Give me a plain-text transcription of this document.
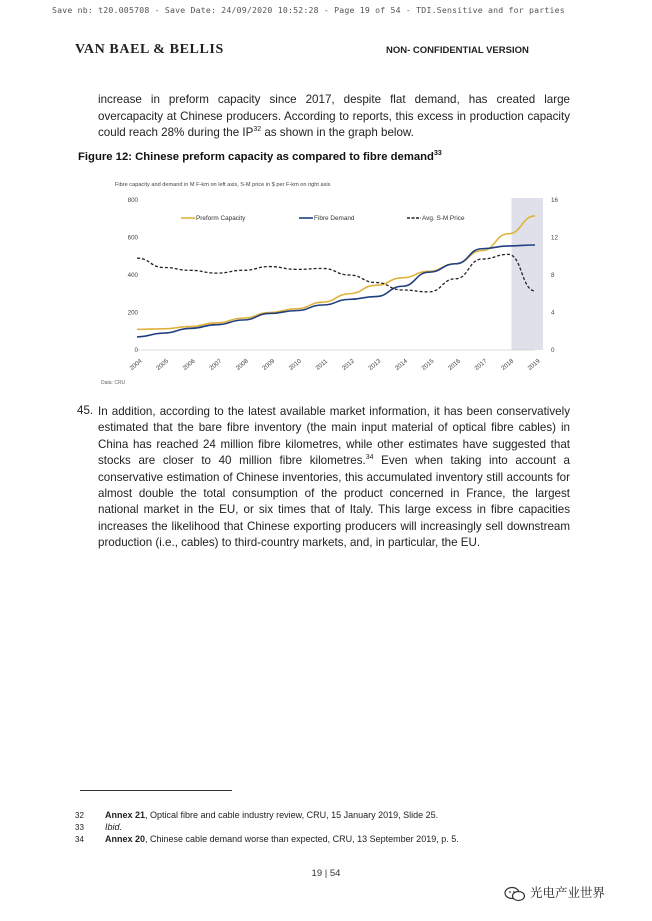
Save nb: t20.005708 - Save Date: 24/09/2020 10:52:28 - Page 19 of 54 - TDI.Sensitive and for parties
VAN BAEL & BELLIS	NON- CONFIDENTIAL VERSION
increase in preform capacity since 2017, despite flat demand, has created large overcapacity at Chinese producers. According to reports, this excess in production capacity could reach 28% during the IP$^{32}$ as shown in the graph below.
Figure 12: Chinese preform capacity as compared to fibre demand$^{33}$
Fibre capacity and demand in M F-km on left axis, S-M price in $ per F-km on right axis
Data: CRU
0
200
400
600
800
0
4
8
12
16
2004 2005 2006 2007 2008 2009 2010 2011 2012 2013 2014 2015 2016 2017 2018 2019
Preform Capacity	Fibre Demand	Avg. S-M Price
45. In addition, according to the latest available market information, it has been conservatively estimated that the bare fibre inventory (the main input material of optical fibre cables) in China has reached 24 million fibre kilometres, while other estimates have suggested that stocks are closer to 40 million fibre kilometres.$^{34}$ Even when taking into account a conservative estimation of Chinese inventories, this accumulated inventory still accounts for almost double the total consumption of the product concerned in France, the largest national market in the EU, or six times that of Italy. This large excess in fibre capacities increases the likelihood that Chinese exporting producers will increasingly sell downstream production (i.e., cables) to third-country markets, and, in particular, the EU.
32 Annex 21, Optical fibre and cable industry review, CRU, 15 January 2019, Slide 25.
33 Ibid.
34 Annex 20, Chinese cable demand worse than expected, CRU, 13 September 2019, p. 5.
19 | 54
光电产业世界
